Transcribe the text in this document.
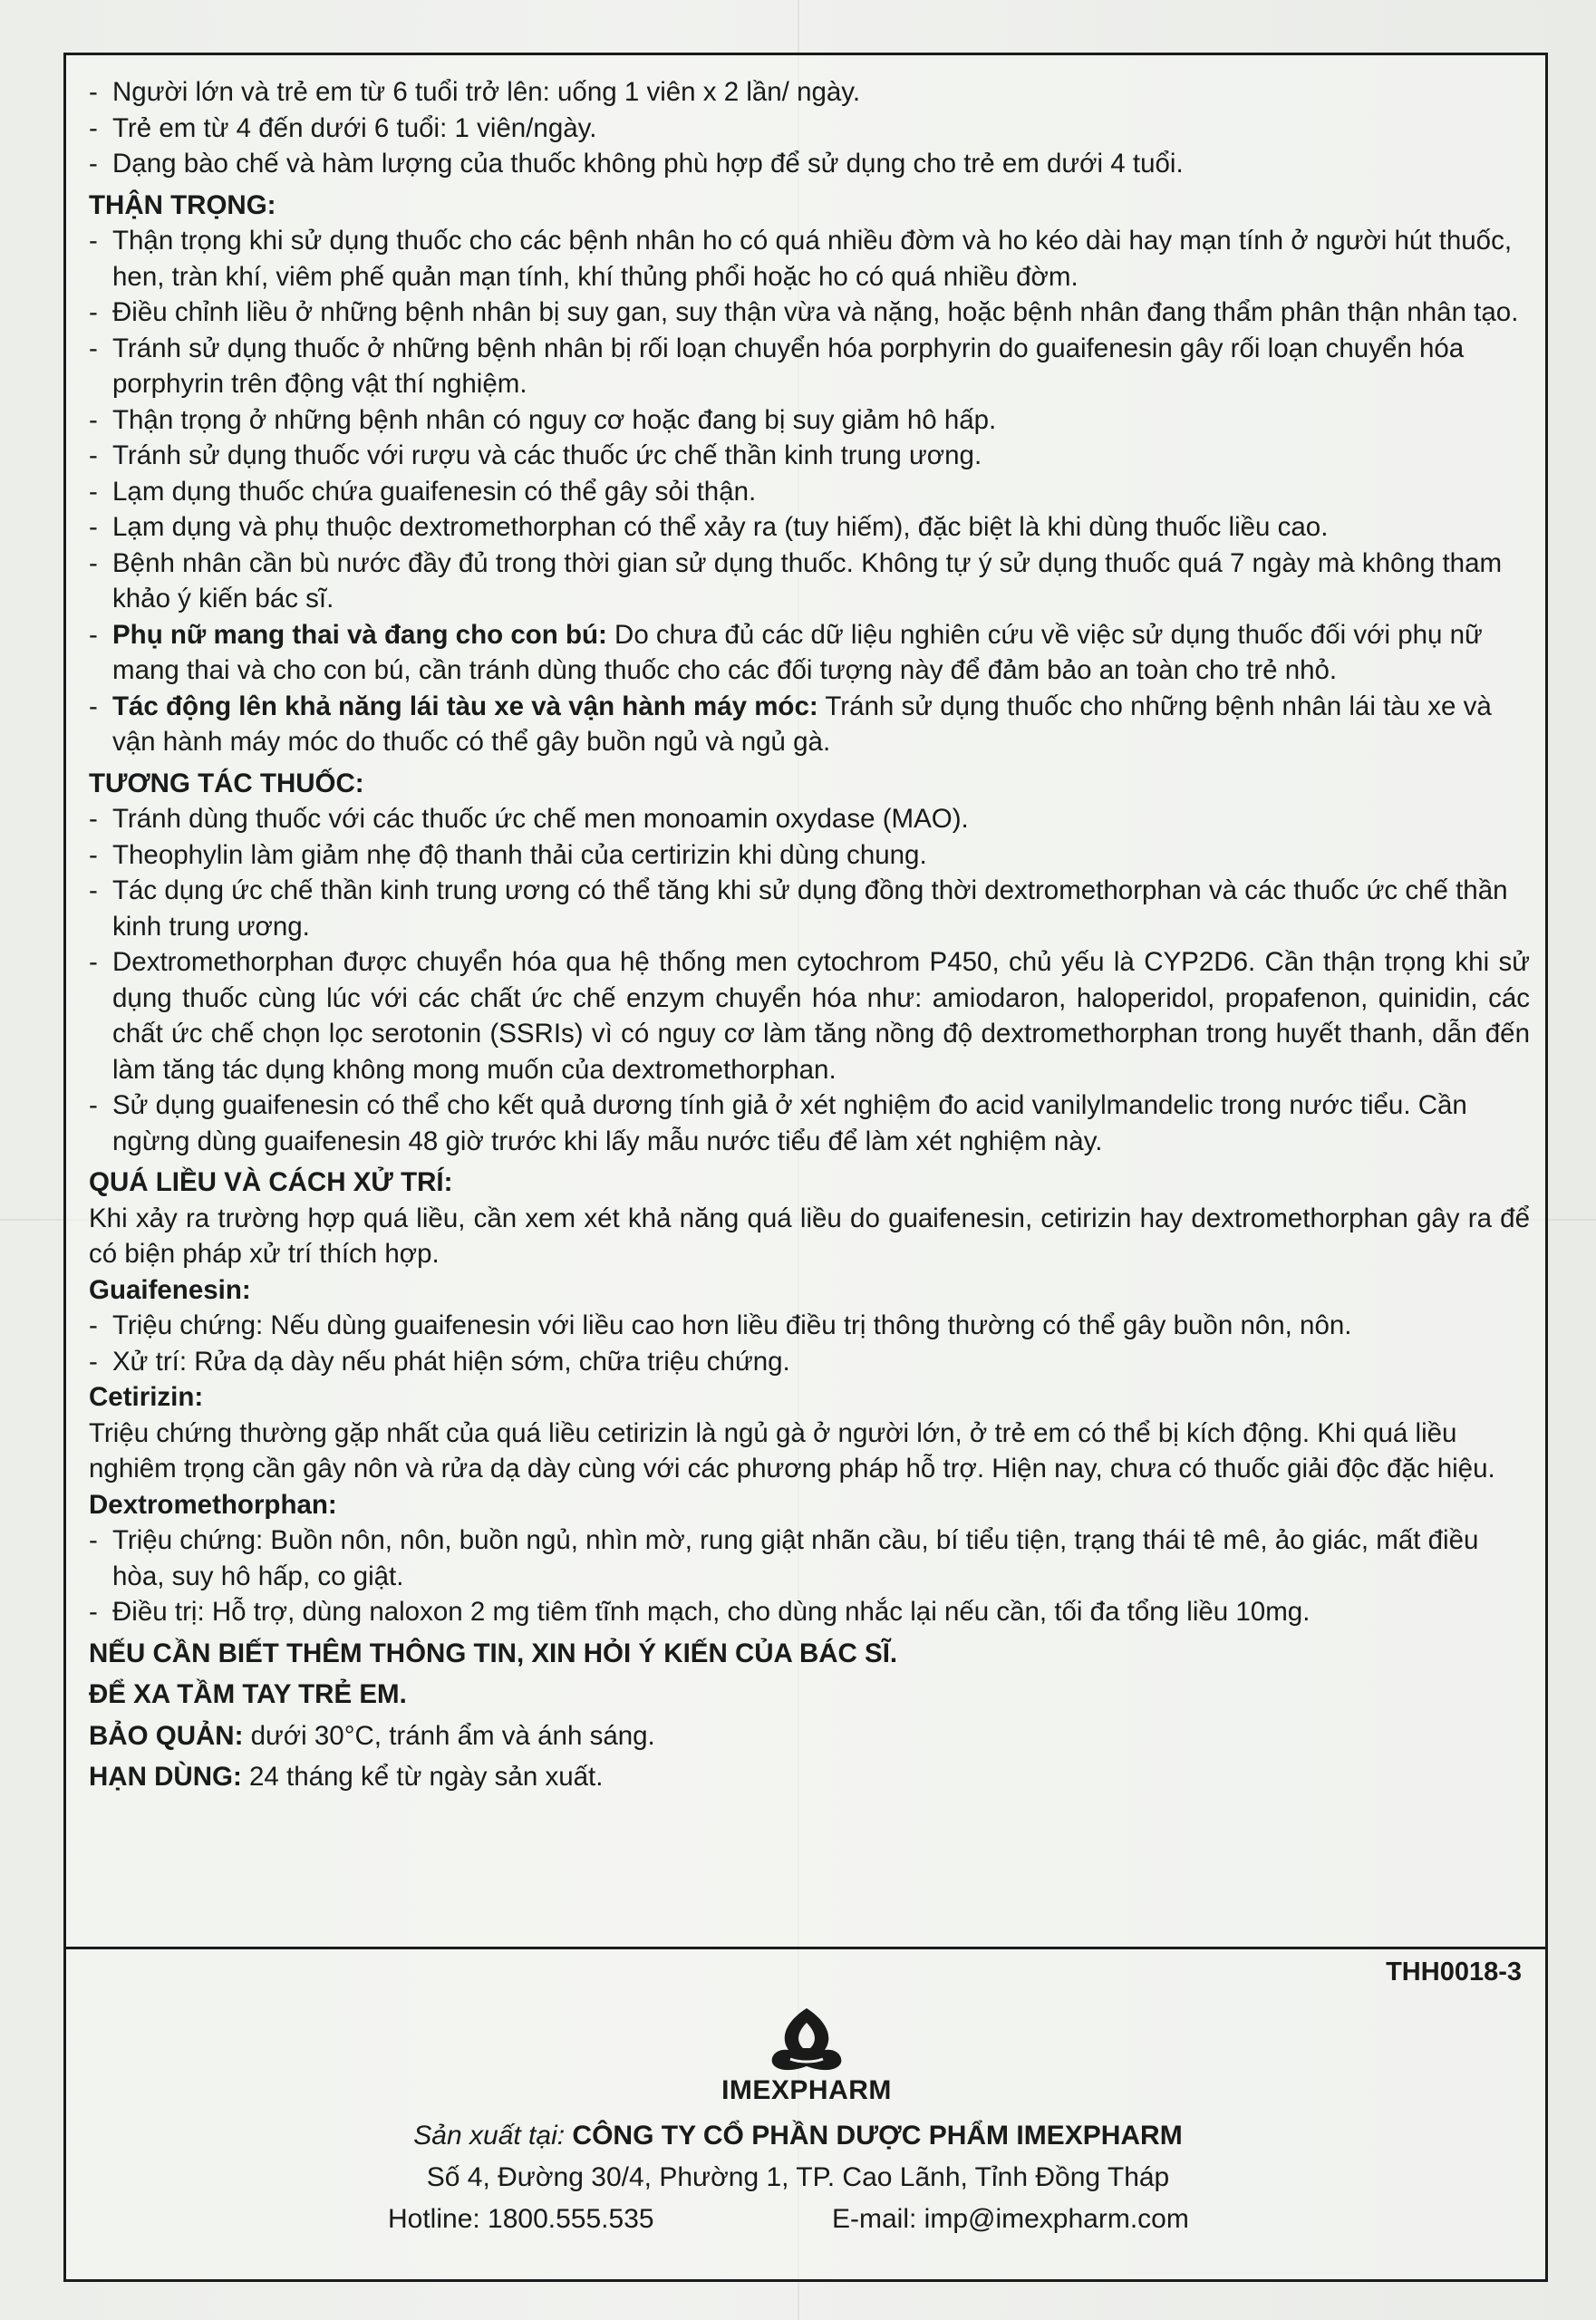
- Người lớn và trẻ em từ 6 tuổi trở lên: uống 1 viên x 2 lần/ ngày.

- Trẻ em từ 4 đến dưới 6 tuổi: 1 viên/ngày.

- Dạng bào chế và hàm lượng của thuốc không phù hợp để sử dụng cho trẻ em dưới 4 tuổi.

THẬN TRỌNG:

- Thận trọng khi sử dụng thuốc cho các bệnh nhân ho có quá nhiều đờm và ho kéo dài hay mạn tính ở người hút thuốc, hen, tràn khí, viêm phế quản mạn tính, khí thủng phổi hoặc ho có quá nhiều đờm.

- Điều chỉnh liều ở những bệnh nhân bị suy gan, suy thận vừa và nặng, hoặc bệnh nhân đang thẩm phân thận nhân tạo.

- Tránh sử dụng thuốc ở những bệnh nhân bị rối loạn chuyển hóa porphyrin do guaifenesin gây rối loạn chuyển hóa porphyrin trên động vật thí nghiệm.

- Thận trọng ở những bệnh nhân có nguy cơ hoặc đang bị suy giảm hô hấp.

- Tránh sử dụng thuốc với rượu và các thuốc ức chế thần kinh trung ương.

- Lạm dụng thuốc chứa guaifenesin có thể gây sỏi thận.

- Lạm dụng và phụ thuộc dextromethorphan có thể xảy ra (tuy hiếm), đặc biệt là khi dùng thuốc liều cao.

- Bệnh nhân cần bù nước đầy đủ trong thời gian sử dụng thuốc. Không tự ý sử dụng thuốc quá 7 ngày mà không tham khảo ý kiến bác sĩ.

- Phụ nữ mang thai và đang cho con bú: Do chưa đủ các dữ liệu nghiên cứu về việc sử dụng thuốc đối với phụ nữ mang thai và cho con bú, cần tránh dùng thuốc cho các đối tượng này để đảm bảo an toàn cho trẻ nhỏ.

- Tác động lên khả năng lái tàu xe và vận hành máy móc: Tránh sử dụng thuốc cho những bệnh nhân lái tàu xe và vận hành máy móc do thuốc có thể gây buồn ngủ và ngủ gà.

TƯƠNG TÁC THUỐC:

- Tránh dùng thuốc với các thuốc ức chế men monoamin oxydase (MAO).

- Theophylin làm giảm nhẹ độ thanh thải của certirizin khi dùng chung.

- Tác dụng ức chế thần kinh trung ương có thể tăng khi sử dụng đồng thời dextromethorphan và các thuốc ức chế thần kinh trung ương.

- Dextromethorphan được chuyển hóa qua hệ thống men cytochrom P450, chủ yếu là CYP2D6. Cần thận trọng khi sử dụng thuốc cùng lúc với các chất ức chế enzym chuyển hóa như: amiodaron, haloperidol, propafenon, quinidin, các chất ức chế chọn lọc serotonin (SSRIs) vì có nguy cơ làm tăng nồng độ dextromethorphan trong huyết thanh, dẫn đến làm tăng tác dụng không mong muốn của dextromethorphan.

- Sử dụng guaifenesin có thể cho kết quả dương tính giả ở xét nghiệm đo acid vanilylmandelic trong nước tiểu. Cần ngừng dùng guaifenesin 48 giờ trước khi lấy mẫu nước tiểu để làm xét nghiệm này.

QUÁ LIỀU VÀ CÁCH XỬ TRÍ:

Khi xảy ra trường hợp quá liều, cần xem xét khả năng quá liều do guaifenesin, cetirizin hay dextromethorphan gây ra để có biện pháp xử trí thích hợp.

Guaifenesin:

- Triệu chứng: Nếu dùng guaifenesin với liều cao hơn liều điều trị thông thường có thể gây buồn nôn, nôn.

- Xử trí: Rửa dạ dày nếu phát hiện sớm, chữa triệu chứng.

Cetirizin:

Triệu chứng thường gặp nhất của quá liều cetirizin là ngủ gà ở người lớn, ở trẻ em có thể bị kích động. Khi quá liều nghiêm trọng cần gây nôn và rửa dạ dày cùng với các phương pháp hỗ trợ. Hiện nay, chưa có thuốc giải độc đặc hiệu.

Dextromethorphan:

- Triệu chứng: Buồn nôn, nôn, buồn ngủ, nhìn mờ, rung giật nhãn cầu, bí tiểu tiện, trạng thái tê mê, ảo giác, mất điều hòa, suy hô hấp, co giật.

- Điều trị: Hỗ trợ, dùng naloxon 2 mg tiêm tĩnh mạch, cho dùng nhắc lại nếu cần, tối đa tổng liều 10mg.

NẾU CẦN BIẾT THÊM THÔNG TIN, XIN HỎI Ý KIẾN CỦA BÁC SĨ.

ĐỂ XA TẦM TAY TRẺ EM.

BẢO QUẢN: dưới 30°C, tránh ẩm và ánh sáng.

HẠN DÙNG: 24 tháng kể từ ngày sản xuất.

THH0018-3
IMEXPHARM
Sản xuất tại: CÔNG TY CỔ PHẦN DƯỢC PHẨM IMEXPHARM
Số 4, Đường 30/4, Phường 1, TP. Cao Lãnh, Tỉnh Đồng Tháp
Hotline: 1800.555.535	E-mail: imp@imexpharm.com
